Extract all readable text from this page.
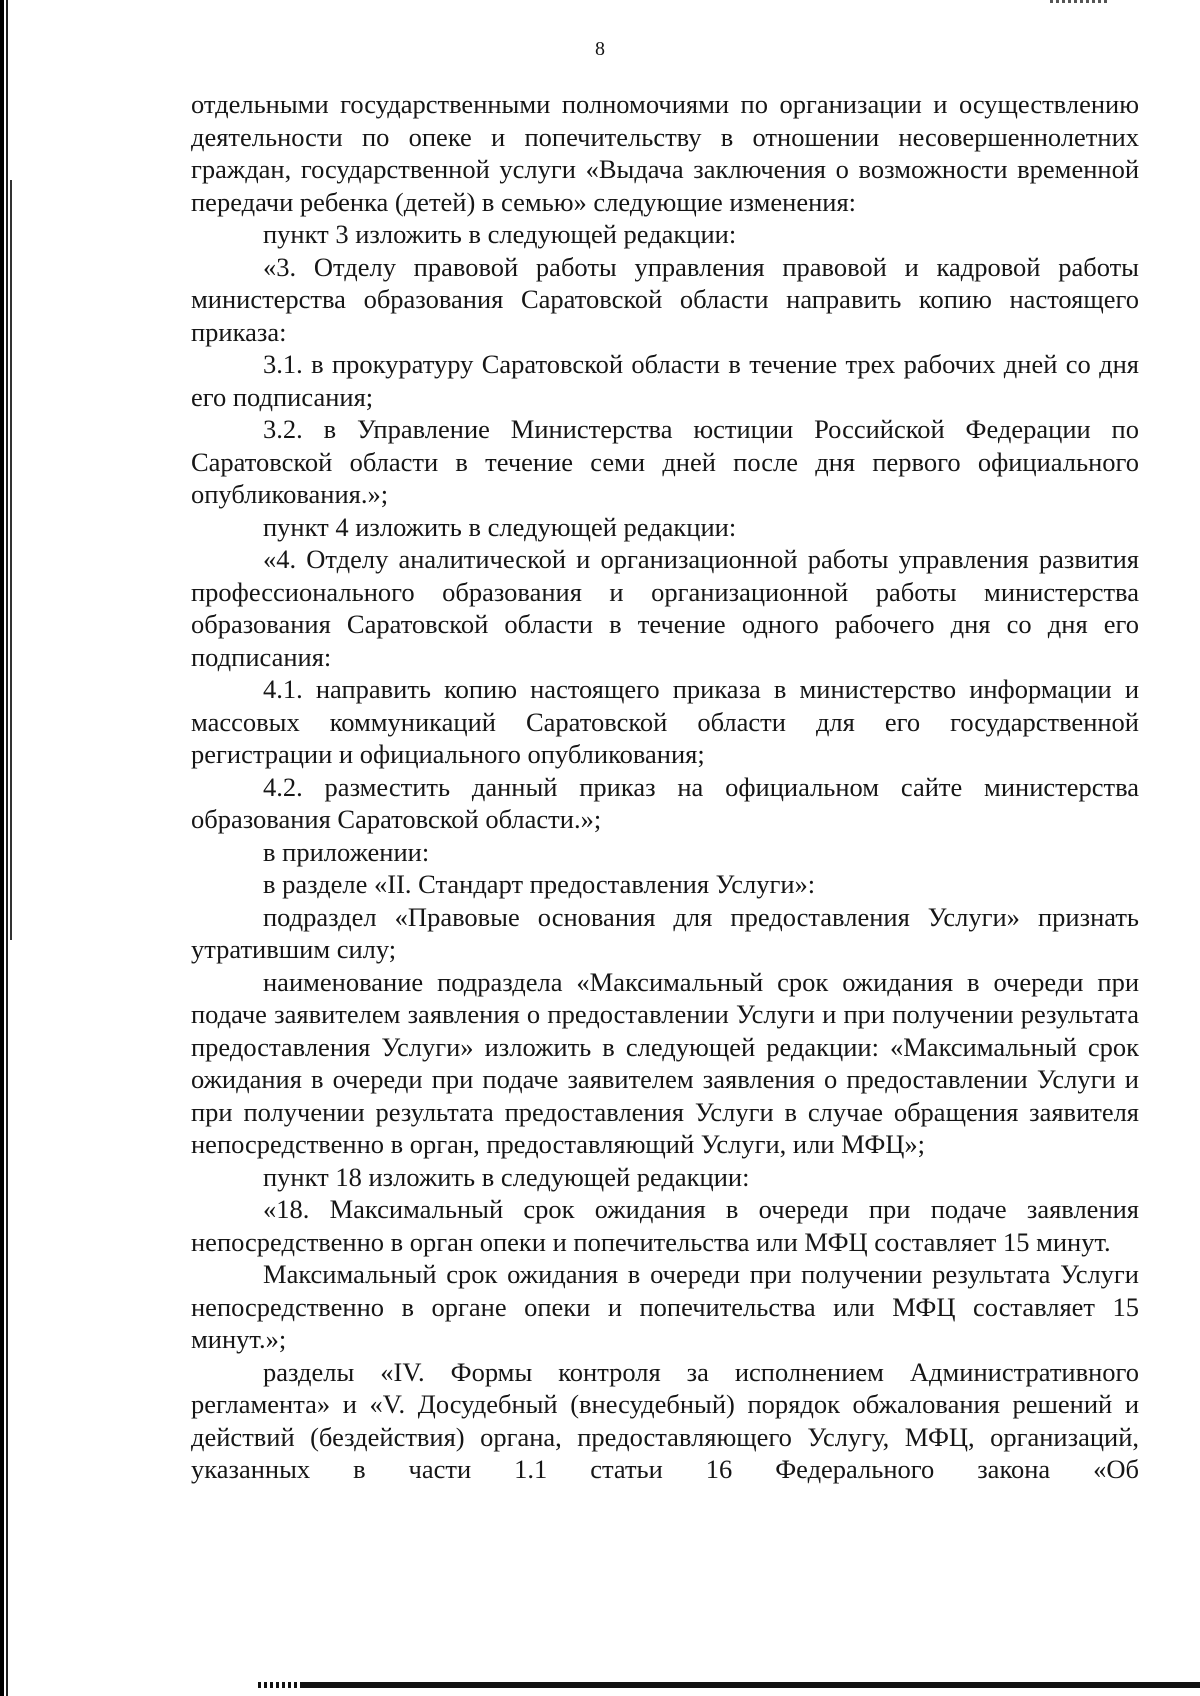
8

отдельными государственными полномочиями по организации и осуществлению деятельности по опеке и попечительству в отношении несовершеннолетних граждан, государственной услуги «Выдача заключения о возможности временной передачи ребенка (детей) в семью» следующие изменения:

пункт 3 изложить в следующей редакции:

«3. Отделу правовой работы управления правовой и кадровой работы министерства образования Саратовской области направить копию настоящего приказа:

3.1. в прокуратуру Саратовской области в течение трех рабочих дней со дня его подписания;

3.2. в Управление Министерства юстиции Российской Федерации по Саратовской области в течение семи дней после дня первого официального опубликования.»;

пункт 4 изложить в следующей редакции:

«4. Отделу аналитической и организационной работы управления развития профессионального образования и организационной работы министерства образования Саратовской области в течение одного рабочего дня со дня его подписания:

4.1. направить копию настоящего приказа в министерство информации и массовых коммуникаций Саратовской области для его государственной регистрации и официального опубликования;

4.2. разместить данный приказ на официальном сайте министерства образования Саратовской области.»;

в приложении:

в разделе «II. Стандарт предоставления Услуги»:

подраздел «Правовые основания для предоставления Услуги» признать утратившим силу;

наименование подраздела «Максимальный срок ожидания в очереди при подаче заявителем заявления о предоставлении Услуги и при получении результата предоставления Услуги» изложить в следующей редакции: «Максимальный срок ожидания в очереди при подаче заявителем заявления о предоставлении Услуги и при получении результата предоставления Услуги в случае обращения заявителя непосредственно в орган, предоставляющий Услуги, или МФЦ»;

пункт 18 изложить в следующей редакции:

«18. Максимальный срок ожидания в очереди при подаче заявления непосредственно в орган опеки и попечительства или МФЦ составляет 15 минут.

Максимальный срок ожидания в очереди при получении результата Услуги непосредственно в органе опеки и попечительства или МФЦ составляет 15 минут.»;

разделы «IV. Формы контроля за исполнением Административного регламента» и «V. Досудебный (внесудебный) порядок обжалования решений и действий (бездействия) органа, предоставляющего Услугу, МФЦ, организаций, указанных в части 1.1 статьи 16 Федерального закона «Об
